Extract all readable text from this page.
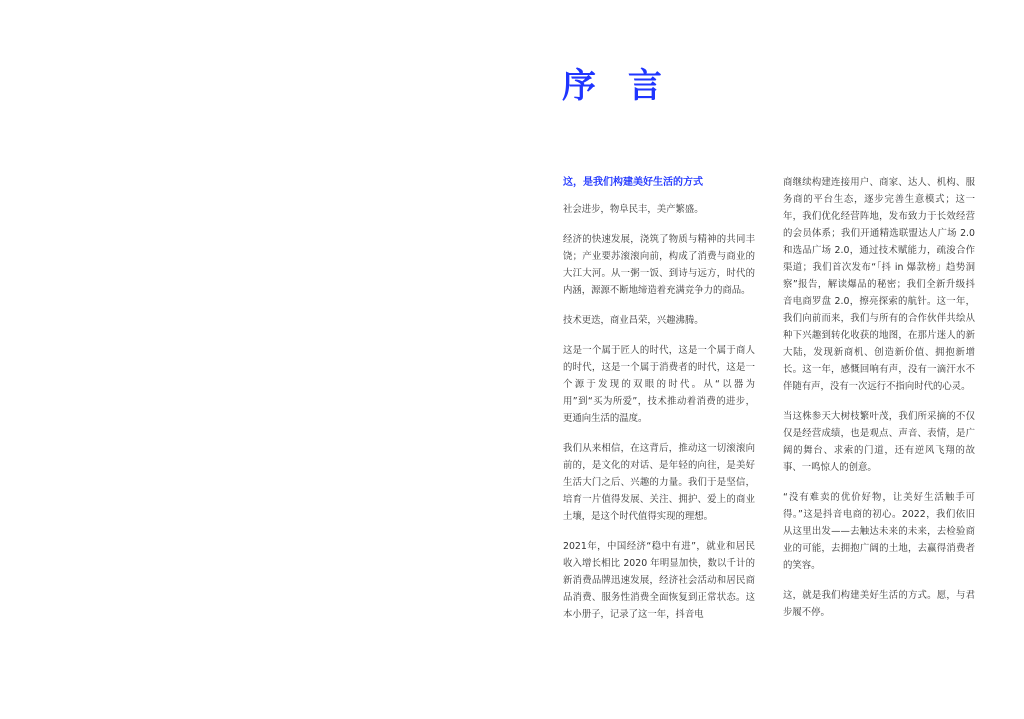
序 言
这，是我们构建美好生活的方式

社会进步，物阜民丰，美产繁盛。

经济的快速发展，浇筑了物质与精神的共同丰饶；产业要苏滚滚向前，构成了消费与商业的大江大河。从一粥一饭、到诗与远方，时代的内涵，源源不断地缔造着充满竞争力的商品。

技术更迭，商业昌荣，兴趣沸腾。

这是一个属于匠人的时代，这是一个属于商人的时代，这是一个属于消费者的时代，这是一个源于发现的双眼的时代。从“以器为用”到“买为所爱”，技术推动着消费的进步，更通向生活的温度。

我们从来相信，在这背后，推动这一切滚滚向前的，是文化的对话、是年轻的向往，是美好生活大门之后、兴趣的力量。我们于是坚信，培育一片值得发展、关注、拥护、爱上的商业土壤，是这个时代值得实现的理想。

2021年，中国经济“稳中有进”，就业和居民收入增长相比 2020 年明显加快，数以千计的新消费品牌迅速发展，经济社会活动和居民商品消费、服务性消费全面恢复到正常状态。这本小册子，记录了这一年，抖音电

商继续构建连接用户、商家、达人、机构、服务商的平台生态，逐步完善生意模式；这一年，我们优化经营阵地，发布致力于长效经营的会员体系；我们开通精选联盟达人广场 2.0 和选品广场 2.0，通过技术赋能力，疏浚合作渠道；我们首次发布“「抖 in 爆款榜」趋势洞察”报告，解读爆品的秘密；我们全新升级抖音电商罗盘 2.0，擦亮探索的航针。这一年，我们向前而来，我们与所有的合作伙伴共绘从种下兴趣到转化收获的地图，在那片迷人的新大陆，发现新商机、创造新价值、拥抱新增长。这一年，感慨回响有声，没有一滴汗水不伴随有声，没有一次远行不指向时代的心灵。

当这株参天大树枝繁叶茂，我们所采摘的不仅仅是经营成绩，也是观点、声音、表情，是广阔的舞台、求索的门道，还有逆风飞翔的故事、一鸣惊人的创意。

“没有难卖的优价好物，让美好生活触手可得。”这是抖音电商的初心。2022，我们依旧从这里出发——去触达未来的未来，去检验商业的可能，去拥抱广阔的土地，去赢得消费者的笑容。

这，就是我们构建美好生活的方式。愿，与君步履不停。
